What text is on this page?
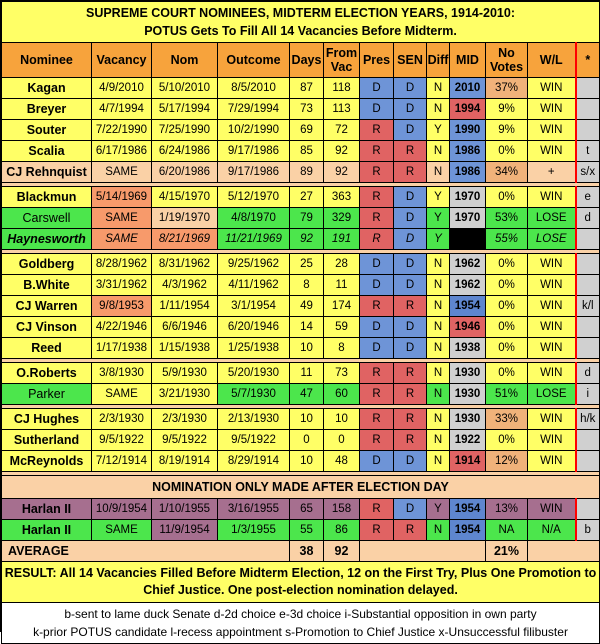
SUPREME COURT NOMINEES, MIDTERM ELECTION YEARS, 1914-2010:
POTUS Gets To Fill All 14 Vacancies Before Midterm.												

Nominee	Vacancy	Nom	Outcome	Days	From Vac	Pres	SEN	Diff	MID	No Votes	W/L	*
Kagan	4/9/2010	5/10/2010	8/5/2010	87	118	D	D	N	2010	37%	WIN	
Breyer	4/7/1994	5/17/1994	7/29/1994	73	113	D	D	N	1994	9%	WIN	
Souter	7/22/1990	7/25/1990	10/2/1990	69	72	R	D	Y	1990	9%	WIN	
Scalia	6/17/1986	6/24/1986	9/17/1986	85	92	R	R	N	1986	0%	WIN	t
CJ Rehnquist	SAME	6/20/1986	9/17/1986	89	92	R	R	N	1986	34%	+	s/x

Blackmun	5/14/1969	4/15/1970	5/12/1970	27	363	R	D	Y	1970	0%	WIN	e
Carswell	SAME	1/19/1970	4/8/1970	79	329	R	D	Y	1970	53%	LOSE	d
Haynesworth	SAME	8/21/1969	11/21/1969	92	191	R	D	Y		55%	LOSE	

Goldberg	8/28/1962	8/31/1962	9/25/1962	25	28	D	D	N	1962	0%	WIN	
B.White	3/31/1962	4/3/1962	4/11/1962	8	11	D	D	N	1962	0%	WIN	
CJ Warren	9/8/1953	1/11/1954	3/1/1954	49	174	R	R	N	1954	0%	WIN	k/l
CJ Vinson	4/22/1946	6/6/1946	6/20/1946	14	59	D	D	N	1946	0%	WIN	
Reed	1/17/1938	1/15/1938	1/25/1938	10	8	D	D	N	1938	0%	WIN	

O.Roberts	3/8/1930	5/9/1930	5/20/1930	11	73	R	R	N	1930	0%	WIN	d
Parker	SAME	3/21/1930	5/7/1930	47	60	R	R	N	1930	51%	LOSE	i

CJ Hughes	2/3/1930	2/3/1930	2/13/1930	10	10	R	R	N	1930	33%	WIN	h/k
Sutherland	9/5/1922	9/5/1922	9/5/1922	0	0	R	R	N	1922	0%	WIN	
McReynolds	7/12/1914	8/19/1914	8/29/1914	10	48	D	D	N	1914	12%	WIN	

NOMINATION ONLY MADE AFTER ELECTION DAY												
Harlan II	10/9/1954	1/10/1955	3/16/1955	65	158	R	D	Y	1954	13%	WIN	
Harlan II	SAME	11/9/1954	1/3/1955	55	86	R	R	N	1954	NA	N/A	b
AVERAGE				38	92					21%		
RESULT: All 14 Vacancies Filled Before Midterm Election, 12 on the First Try, Plus One Promotion to Chief Justice. One post-election nomination delayed.												

b-sent to lame duck Senate d-2d choice e-3d choice i-Substantial opposition in own party
k-prior POTUS candidate l-recess appointment s-Promotion to Chief Justice x-Unsuccessful filibuster												
